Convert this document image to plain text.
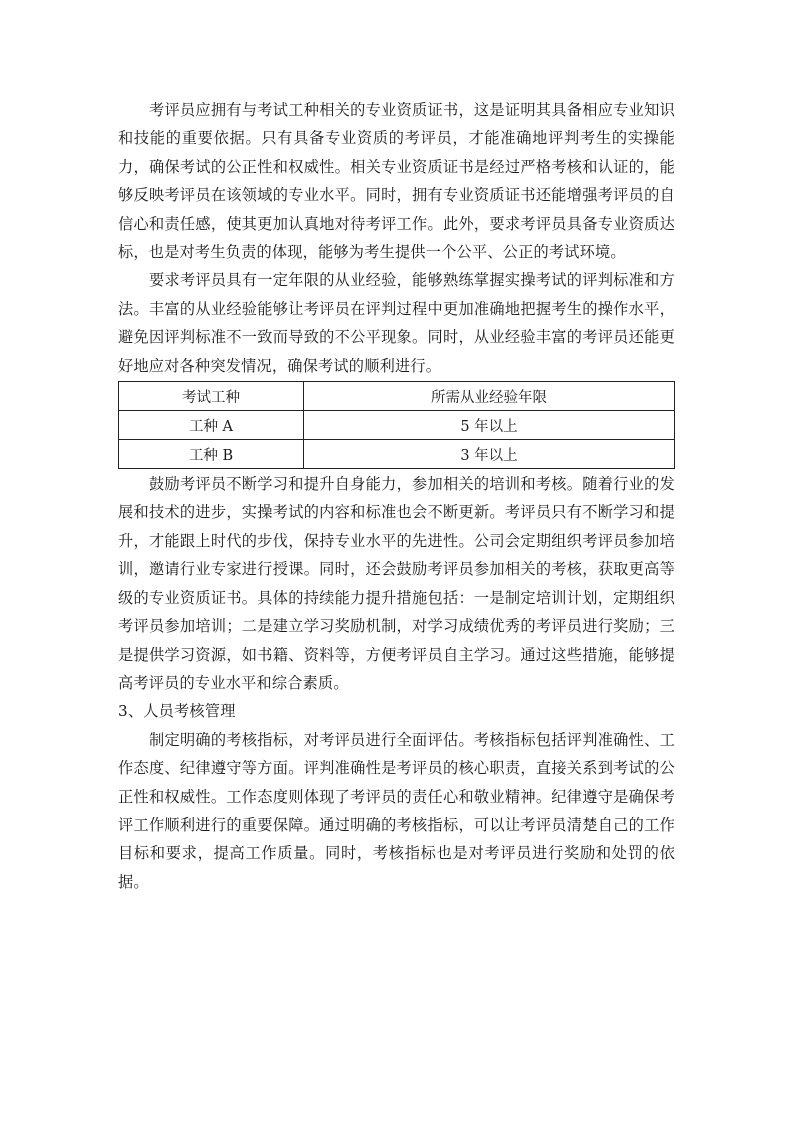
考评员应拥有与考试工种相关的专业资质证书，这是证明其具备相应专业知识和技能的重要依据。只有具备专业资质的考评员，才能准确地评判考生的实操能力，确保考试的公正性和权威性。相关专业资质证书是经过严格考核和认证的，能够反映考评员在该领域的专业水平。同时，拥有专业资质证书还能增强考评员的自信心和责任感，使其更加认真地对待考评工作。此外，要求考评员具备专业资质达标，也是对考生负责的体现，能够为考生提供一个公平、公正的考试环境。

要求考评员具有一定年限的从业经验，能够熟练掌握实操考试的评判标准和方法。丰富的从业经验能够让考评员在评判过程中更加准确地把握考生的操作水平，避免因评判标准不一致而导致的不公平现象。同时，从业经验丰富的考评员还能更好地应对各种突发情况，确保考试的顺利进行。

考试工种	所需从业经验年限
工种 A	5 年以上
工种 B	3 年以上

鼓励考评员不断学习和提升自身能力，参加相关的培训和考核。随着行业的发展和技术的进步，实操考试的内容和标准也会不断更新。考评员只有不断学习和提升，才能跟上时代的步伐，保持专业水平的先进性。公司会定期组织考评员参加培训，邀请行业专家进行授课。同时，还会鼓励考评员参加相关的考核，获取更高等级的专业资质证书。具体的持续能力提升措施包括：一是制定培训计划，定期组织考评员参加培训；二是建立学习奖励机制，对学习成绩优秀的考评员进行奖励；三是提供学习资源，如书籍、资料等，方便考评员自主学习。通过这些措施，能够提高考评员的专业水平和综合素质。

3、人员考核管理

制定明确的考核指标，对考评员进行全面评估。考核指标包括评判准确性、工作态度、纪律遵守等方面。评判准确性是考评员的核心职责，直接关系到考试的公正性和权威性。工作态度则体现了考评员的责任心和敬业精神。纪律遵守是确保考评工作顺利进行的重要保障。通过明确的考核指标，可以让考评员清楚自己的工作目标和要求，提高工作质量。同时，考核指标也是对考评员进行奖励和处罚的依据。
